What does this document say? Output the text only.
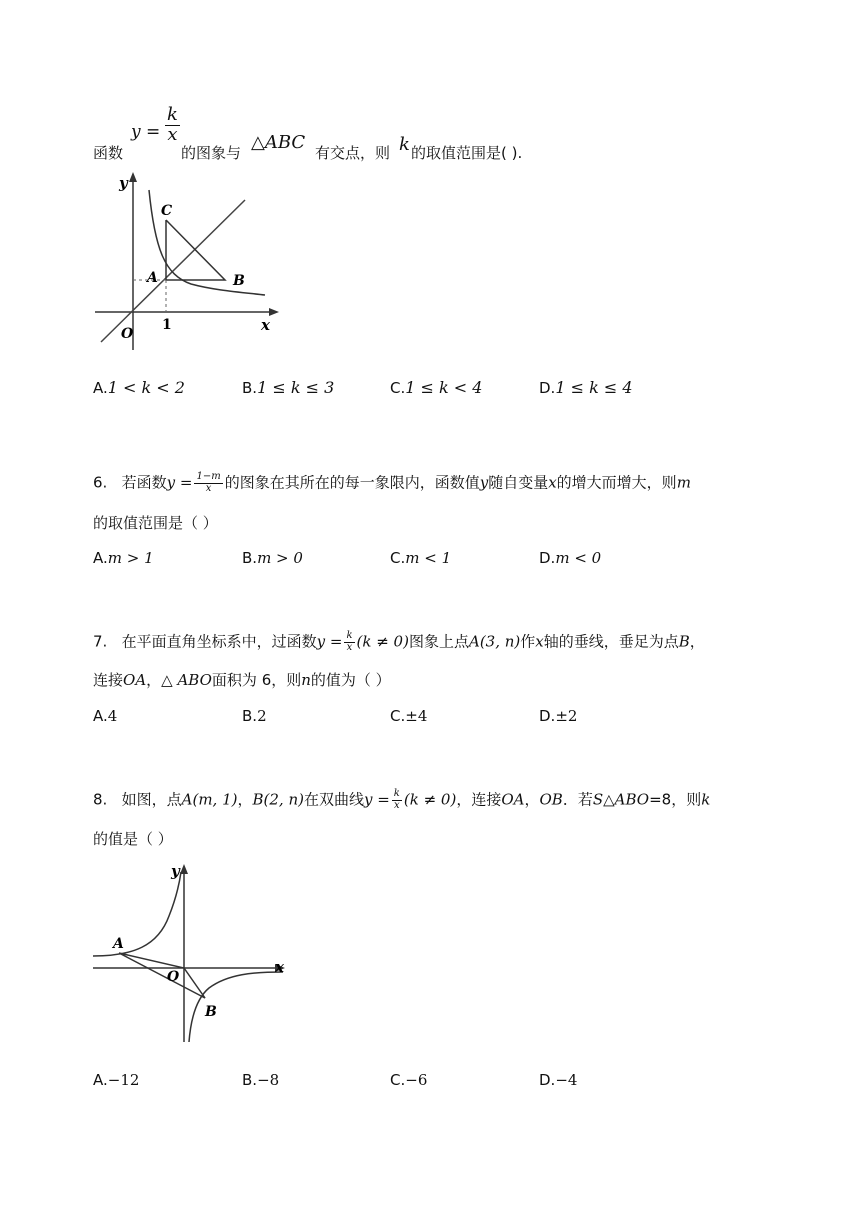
函数
$y = \frac{k}{x}$
的图象与 △ABC 有交点，则 k 的取值范围是( ).
y
x
O
1
A	B
C
A.1 < k < 2	B.1 ≤ k ≤ 3	C.1 ≤ k < 4	D.1 ≤ k ≤ 4
6. 若函数$y = \frac{1-m}{x}$ 的图象在其所在的每一象限内，函数值y随自变量x的增大而增大，则m
的取值范围是（ ）
A.m > 1	B.m > 0	C.m < 1	D.m < 0
7. 在平面直角坐标系中，过函数$y = \frac{k}{x} (k \ne 0)$图象上点A(3, n)作x轴的垂线，垂足为点B，
连接OA，△ ABO面积为 6，则n的值为（ ）
A.4	B.2	C.±4	D.±2
8. 如图，点A(m, 1)，B(2, n)在双曲线$y = \frac{k}{x} (k \ne 0)$，连接OA，OB．若S△ABO=8，则k
的值是（ ）
y
x
O
A
B
A.−12	B.−8	C.−6	D.−4
